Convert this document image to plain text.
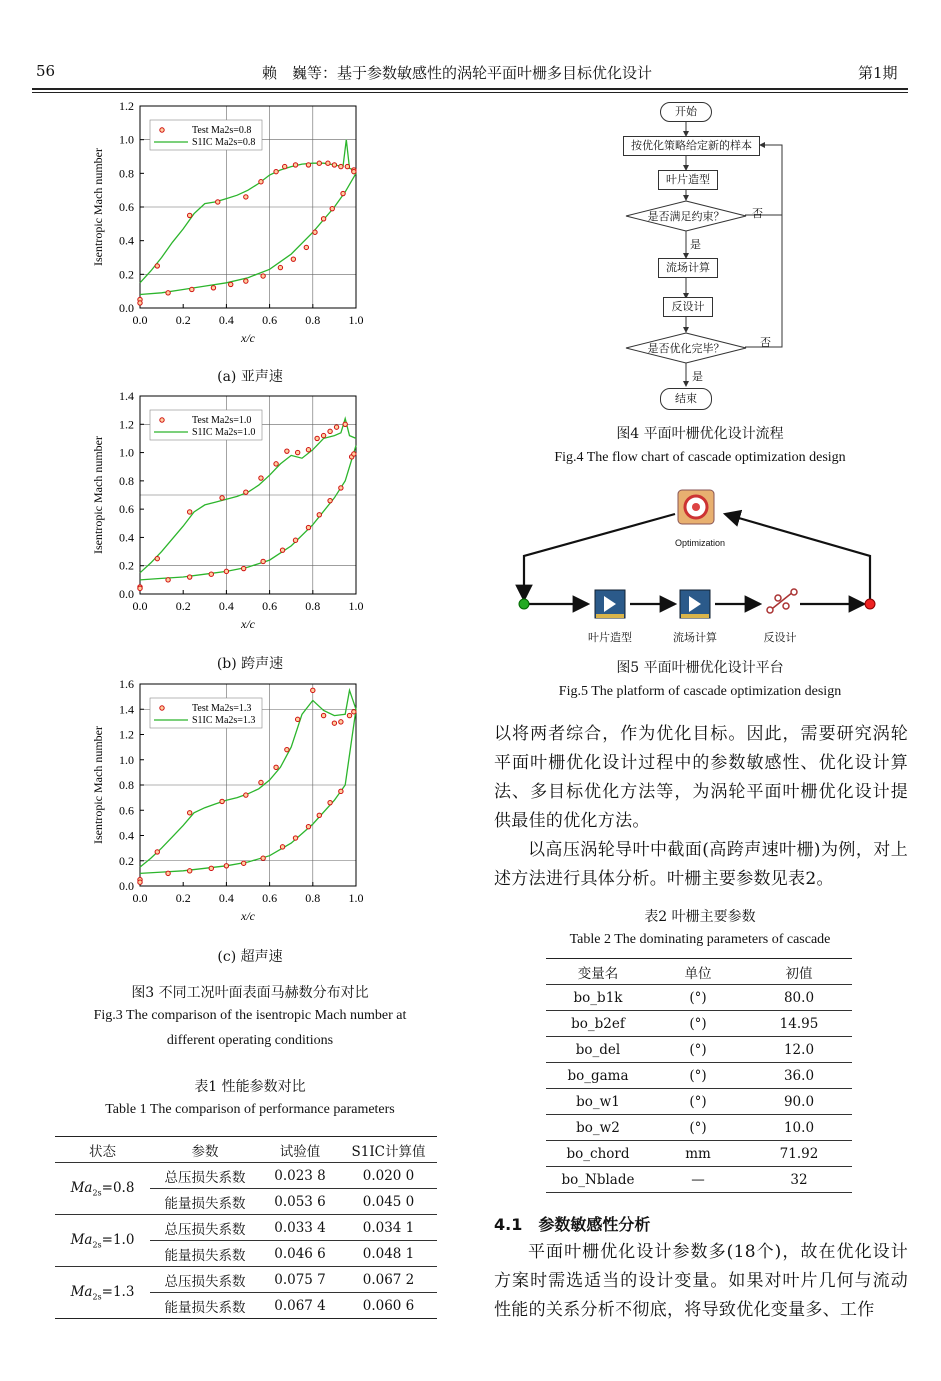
56	赖　巍等：基于参数敏感性的涡轮平面叶栅多目标优化设计	第1期
0.0
0.2
0.4
0.6
0.8
1.0
1.2
0.0 0.2 0.4 0.6 0.8 1.0
x/c
Isentropic Mach number
Test Ma2s=0.8
S1IC Ma2s=0.8
(a) 亚声速
0.0
0.2
0.4
0.6
0.8
1.0
1.2
1.4
0.0 0.2 0.4 0.6 0.8 1.0
x/c
Isentropic Mach number
Test Ma2s=1.0
S1IC Ma2s=1.0
(b) 跨声速
0.0
0.2
0.4
0.6
0.8
1.0
1.2
1.4
1.6
0.0 0.2 0.4 0.6 0.8 1.0
x/c
Isentropic Mach number
Test Ma2s=1.3
S1IC Ma2s=1.3
(c) 超声速
图3 不同工况叶面表面马赫数分布对比
Fig.3 The comparison of the isentropic Mach number at
different operating conditions
表1 性能参数对比
Table 1 The comparison of performance parameters
状态	参数	试验值	S1IC计算值
$Ma_{2s}=0.8$	总压损失系数	0.023 8	0.020 0
	能量损失系数	0.053 6	0.045 0
$Ma_{2s}=1.0$	总压损失系数	0.033 4	0.034 1
	能量损失系数	0.046 6	0.048 1
$Ma_{2s}=1.3$	总压损失系数	0.075 7	0.067 2
	能量损失系数	0.067 4	0.060 6
开始
按优化策略给定新的样本
叶片造型
是否满足约束？	否
是
流场计算
反设计
是否优化完毕？	否
是
结束
图4 平面叶栅优化设计流程
Fig.4 The flow chart of cascade optimization design
Optimization
叶片造型	流场计算	反设计
图5 平面叶栅优化设计平台
Fig.5 The platform of cascade optimization design
以将两者综合，作为优化目标。因此，需要研究涡轮平面叶栅优化设计过程中的参数敏感性、优化设计算法、多目标优化方法等，为涡轮平面叶栅优化设计提供最佳的优化方法。
以高压涡轮导叶中截面(高跨声速叶栅)为例，对上述方法进行具体分析。叶栅主要参数见表2。
表2 叶栅主要参数
Table 2 The dominating parameters of cascade
变量名	单位	初值
bo_b1k	(°)	80.0
bo_b2ef	(°)	14.95
bo_del	(°)	12.0
bo_gama	(°)	36.0
bo_w1	(°)	90.0
bo_w2	(°)	10.0
bo_chord	mm	71.92
bo_Nblade	—	32
4.1　参数敏感性分析
平面叶栅优化设计参数多(18个)，故在优化设计方案时需选适当的设计变量。如果对叶片几何与流动性能的关系分析不彻底，将导致优化变量多、工作
